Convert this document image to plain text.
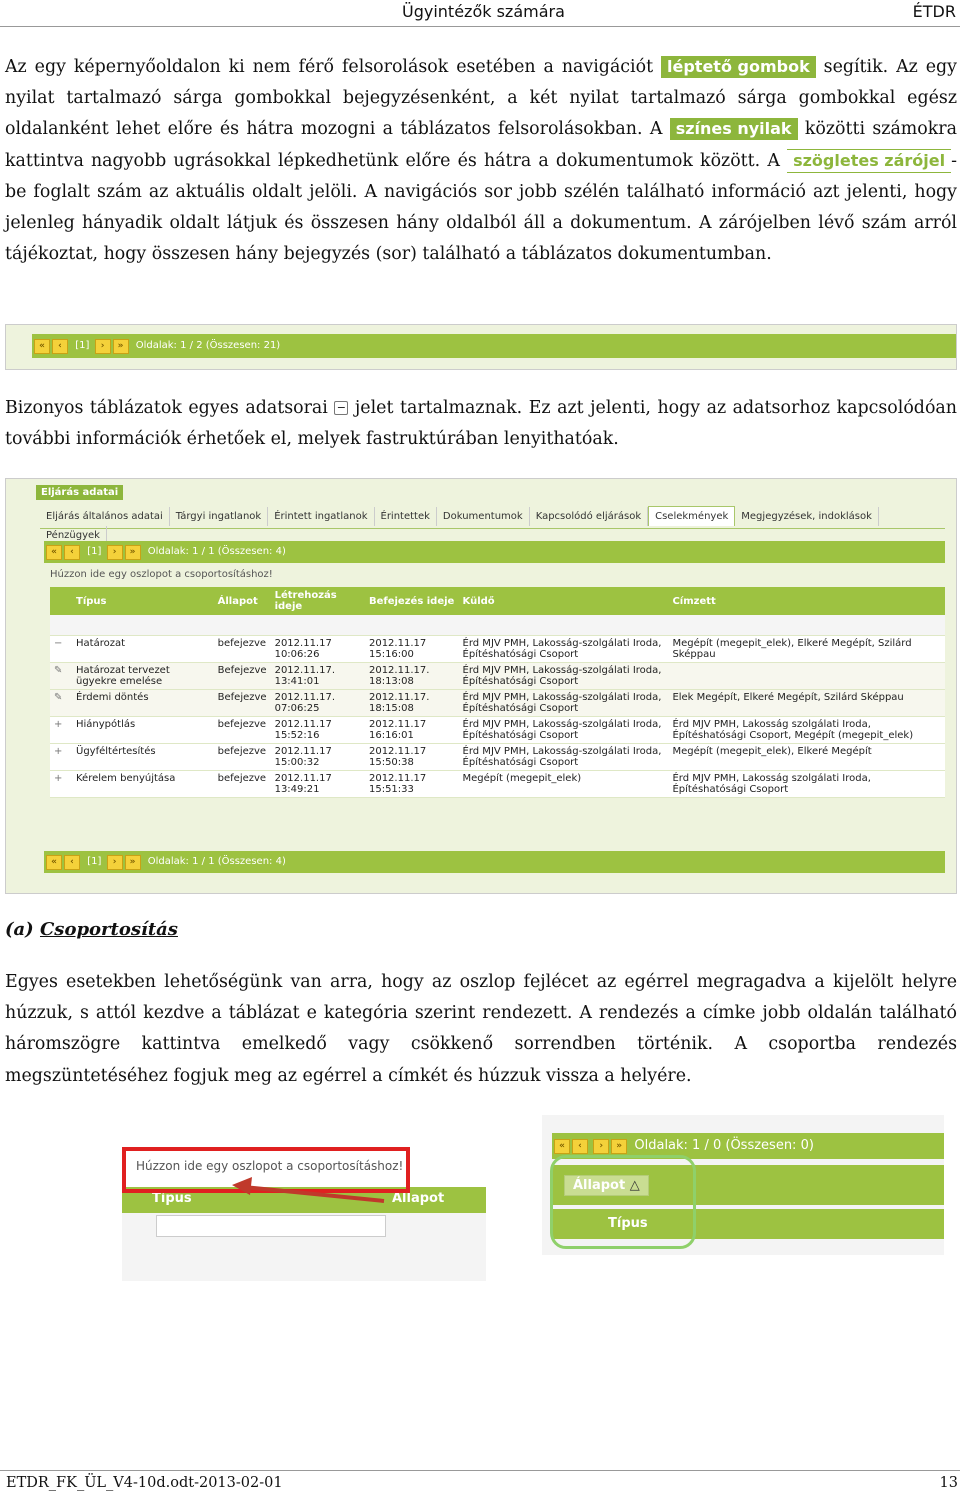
Ügyintézők számára	ÉTDR
Az egy képernyőoldalon ki nem férő felsorolások esetében a navigációt léptető gombok segítik. Az egy nyilat tartalmazó sárga gombokkal bejegyzésenként, a két nyilat tartalmazó sárga gombokkal egész oldalanként lehet előre és hátra mozogni a táblázatos felsorolásokban. A színes nyilak közötti számokra kattintva nagyobb ugrásokkal lépkedhetünk előre és hátra a dokumentumok között. A szögletes zárójel -be foglalt szám az aktuális oldalt jelöli. A navigációs sor jobb szélén található információ azt jelenti, hogy jelenleg hányadik oldalt látjuk és összesen hány oldalból áll a dokumentum. A zárójelben lévő szám arról tájékoztat, hogy összesen hány bejegyzés (sor) található a táblázatos dokumentumban.
« ‹ [1] › » Oldalak: 1 / 2 (Összesen: 21)
Bizonyos táblázatok egyes adatsorai − jelet tartalmaznak. Ez azt jelenti, hogy az adatsorhoz kapcsolódóan további információk érhetőek el, melyek fastruktúrában lenyithatóak.
Eljárás adatai
Eljárás általános adatai Tárgyi ingatlanok Érintett ingatlanok Érintettek Dokumentumok Kapcsolódó eljárások Cselekmények Megjegyzések, indoklásokPénzügyek
« ‹ [1] › » Oldalak: 1 / 1 (Összesen: 4)
Húzzon ide egy oszlopot a csoportosításhoz!
	Típus	Állapot	Létrehozás ideje	Befejezés ideje	Küldő	Címzett

−	Határozat	befejezve	2012.11.17 10:06:26	2012.11.17 15:16:00	Érd MJV PMH, Lakosság-szolgálati Iroda, Építéshatósági Csoport	Megépít (megepit_elek), Elkeré Megépít, Szilárd Sképpau
✎	Határozat tervezet ügyekre emelése	Befejezve	2012.11.17. 13:41:01	2012.11.17. 18:13:08	Érd MJV PMH, Lakosság-szolgálati Iroda, Építéshatósági Csoport	
✎	Érdemi döntés	Befejezve	2012.11.17. 07:06:25	2012.11.17. 18:15:08	Érd MJV PMH, Lakosság-szolgálati Iroda, Építéshatósági Csoport	Elek Megépít, Elkeré Megépít, Szilárd Sképpau
+	Hiánypótlás	befejezve	2012.11.17 15:52:16	2012.11.17 16:16:01	Érd MJV PMH, Lakosság-szolgálati Iroda, Építéshatósági Csoport	Érd MJV PMH, Lakosság szolgálati Iroda, Építéshatósági Csoport, Megépít (megepit_elek)
+	Ügyféltértesítés	befejezve	2012.11.17 15:00:32	2012.11.17 15:50:38	Érd MJV PMH, Lakosság-szolgálati Iroda, Építéshatósági Csoport	Megépít (megepit_elek), Elkeré Megépít
+	Kérelem benyújtása	befejezve	2012.11.17 13:49:21	2012.11.17 15:51:33	Megépít (megepit_elek)	Érd MJV PMH, Lakosság szolgálati Iroda, Építéshatósági Csoport
« ‹ [1] › » Oldalak: 1 / 1 (Összesen: 4)
(a) Csoportosítás
Egyes esetekben lehetőségünk van arra, hogy az oszlop fejlécet az egérrel megragadva a kijelölt helyre húzzuk, s attól kezdve a táblázat e kategória szerint rendezett. A rendezés a címke jobb oldalán található háromszögre kattintva emelkedő vagy csökkenő sorrendben történik. A csoportba rendezés megszüntetéséhez fogjuk meg az egérrel a címkét és húzzuk vissza a helyére.
Típus	Állapot
Húzzon ide egy oszlopot a csoportosításhoz!
« ‹ › » Oldalak: 1 / 0 (Összesen: 0)
Állapot △
Típus
ETDR_FK_ÜL_V4-10d.odt-2013-02-01	13
